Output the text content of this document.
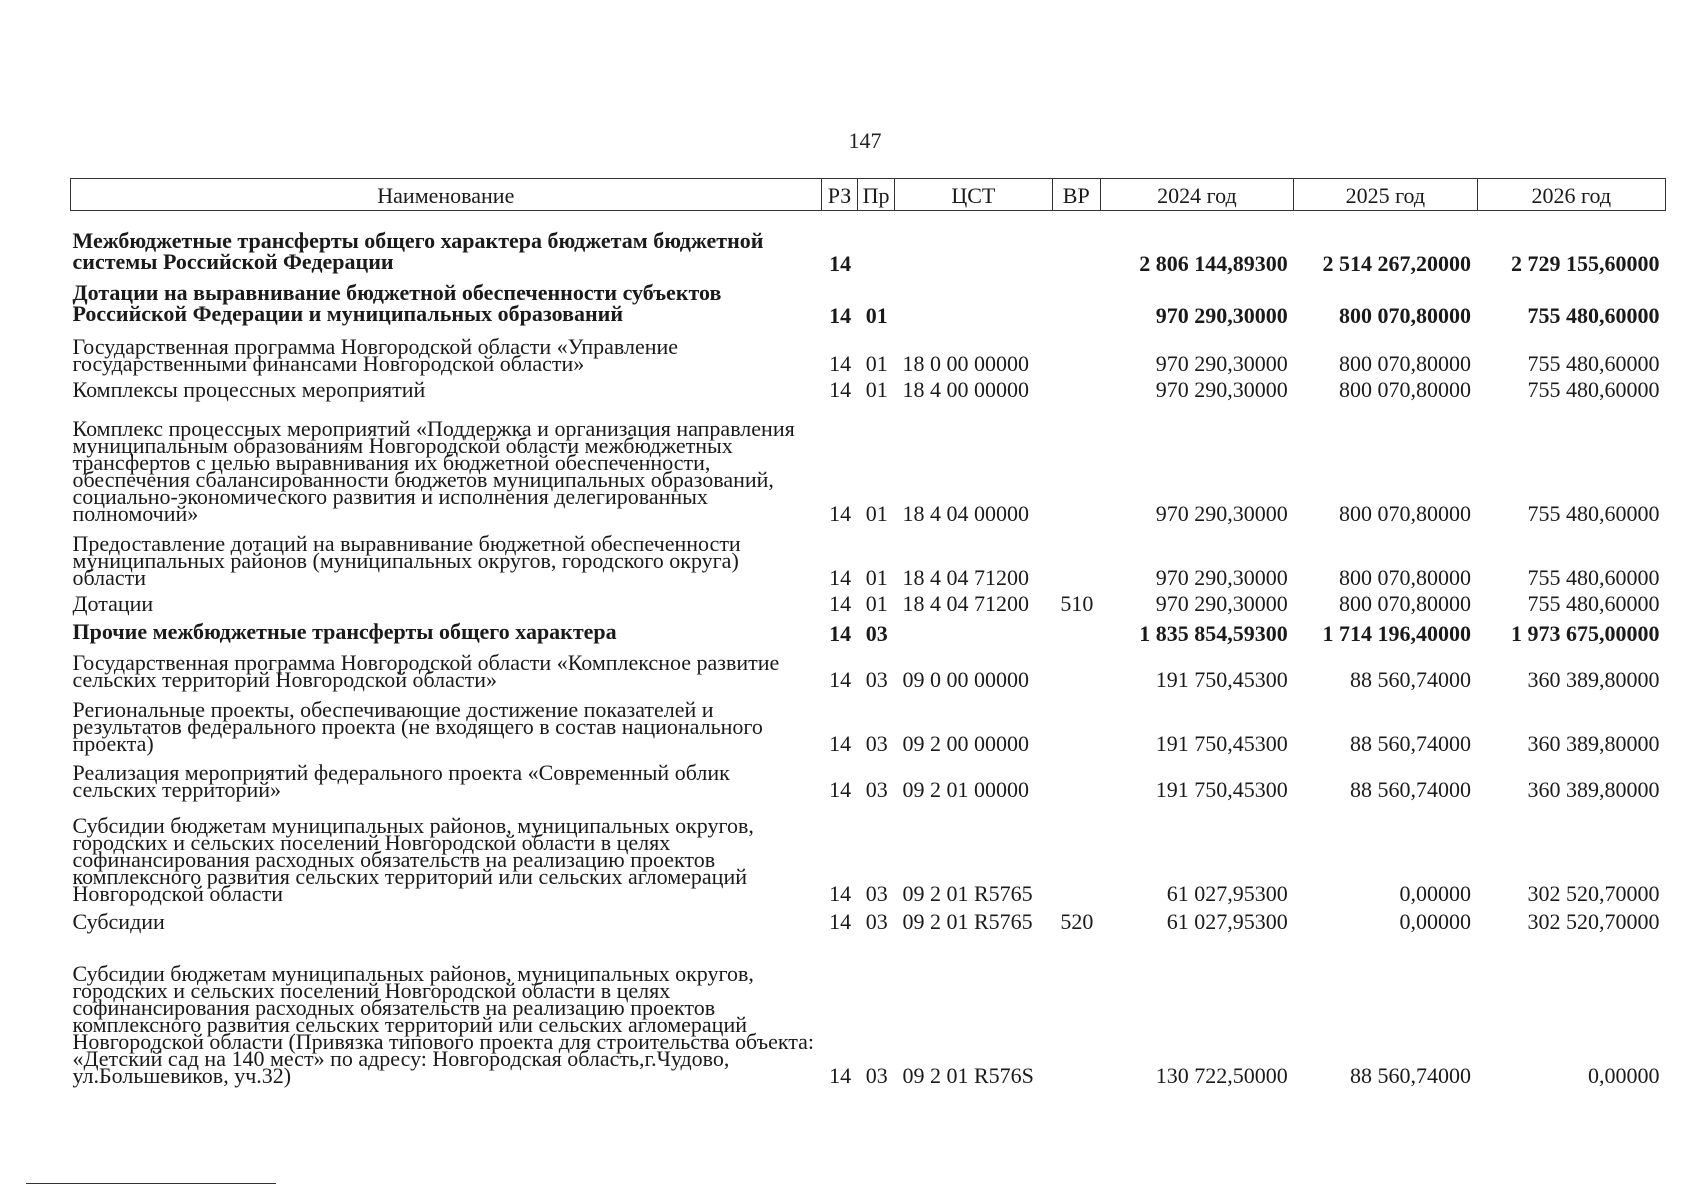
147
Наименование	РЗ	Пр	ЦСТ	ВР	2024 год	2025 год	2026 год
Межбюджетные трансферты общего характера бюджетам бюджетной системы Российской Федерации	14				2 806 144,89300	2 514 267,20000	2 729 155,60000
Дотации на выравнивание бюджетной обеспеченности субъектов Российской Федерации и муниципальных образований	14	01			970 290,30000	800 070,80000	755 480,60000
Государственная программа Новгородской области «Управление государственными финансами Новгородской области»	14	01	18 0 00 00000		970 290,30000	800 070,80000	755 480,60000
Комплексы процессных мероприятий	14	01	18 4 00 00000		970 290,30000	800 070,80000	755 480,60000
Комплекс процессных мероприятий «Поддержка и организация направления муниципальным образованиям Новгородской области межбюджетных трансфертов с целью выравнивания их бюджетной обеспеченности, обеспечения сбалансированности бюджетов муниципальных образований, социально-экономического развития и исполнения делегированных полномочий»	14	01	18 4 04 00000		970 290,30000	800 070,80000	755 480,60000
Предоставление дотаций на выравнивание бюджетной обеспеченности муниципальных районов (муниципальных округов, городского округа) области	14	01	18 4 04 71200		970 290,30000	800 070,80000	755 480,60000
Дотации	14	01	18 4 04 71200	510	970 290,30000	800 070,80000	755 480,60000
Прочие межбюджетные трансферты общего характера	14	03			1 835 854,59300	1 714 196,40000	1 973 675,00000
Государственная программа Новгородской области «Комплексное развитие сельских территорий Новгородской области»	14	03	09 0 00 00000		191 750,45300	88 560,74000	360 389,80000
Региональные проекты, обеспечивающие достижение показателей и результатов федерального проекта (не входящего в состав национального проекта)	14	03	09 2 00 00000		191 750,45300	88 560,74000	360 389,80000
Реализация мероприятий федерального проекта «Современный облик сельских территорий»	14	03	09 2 01 00000		191 750,45300	88 560,74000	360 389,80000
Субсидии бюджетам муниципальных районов, муниципальных округов, городских и сельских поселений Новгородской области в целях софинансирования расходных обязательств на реализацию проектов комплексного развития сельских территорий или сельских агломераций Новгородской области	14	03	09 2 01 R5765		61 027,95300	0,00000	302 520,70000
Субсидии	14	03	09 2 01 R5765	520	61 027,95300	0,00000	302 520,70000
Субсидии бюджетам муниципальных районов, муниципальных округов, городских и сельских поселений Новгородской области в целях софинансирования расходных обязательств на реализацию проектов комплексного развития сельских территорий или сельских агломераций Новгородской области (Привязка типового проекта для строительства объекта: «Детский сад на 140 мест» по адресу: Новгородская область,г.Чудово, ул.Большевиков, уч.32)	14	03	09 2 01 R576S		130 722,50000	88 560,74000	0,00000
